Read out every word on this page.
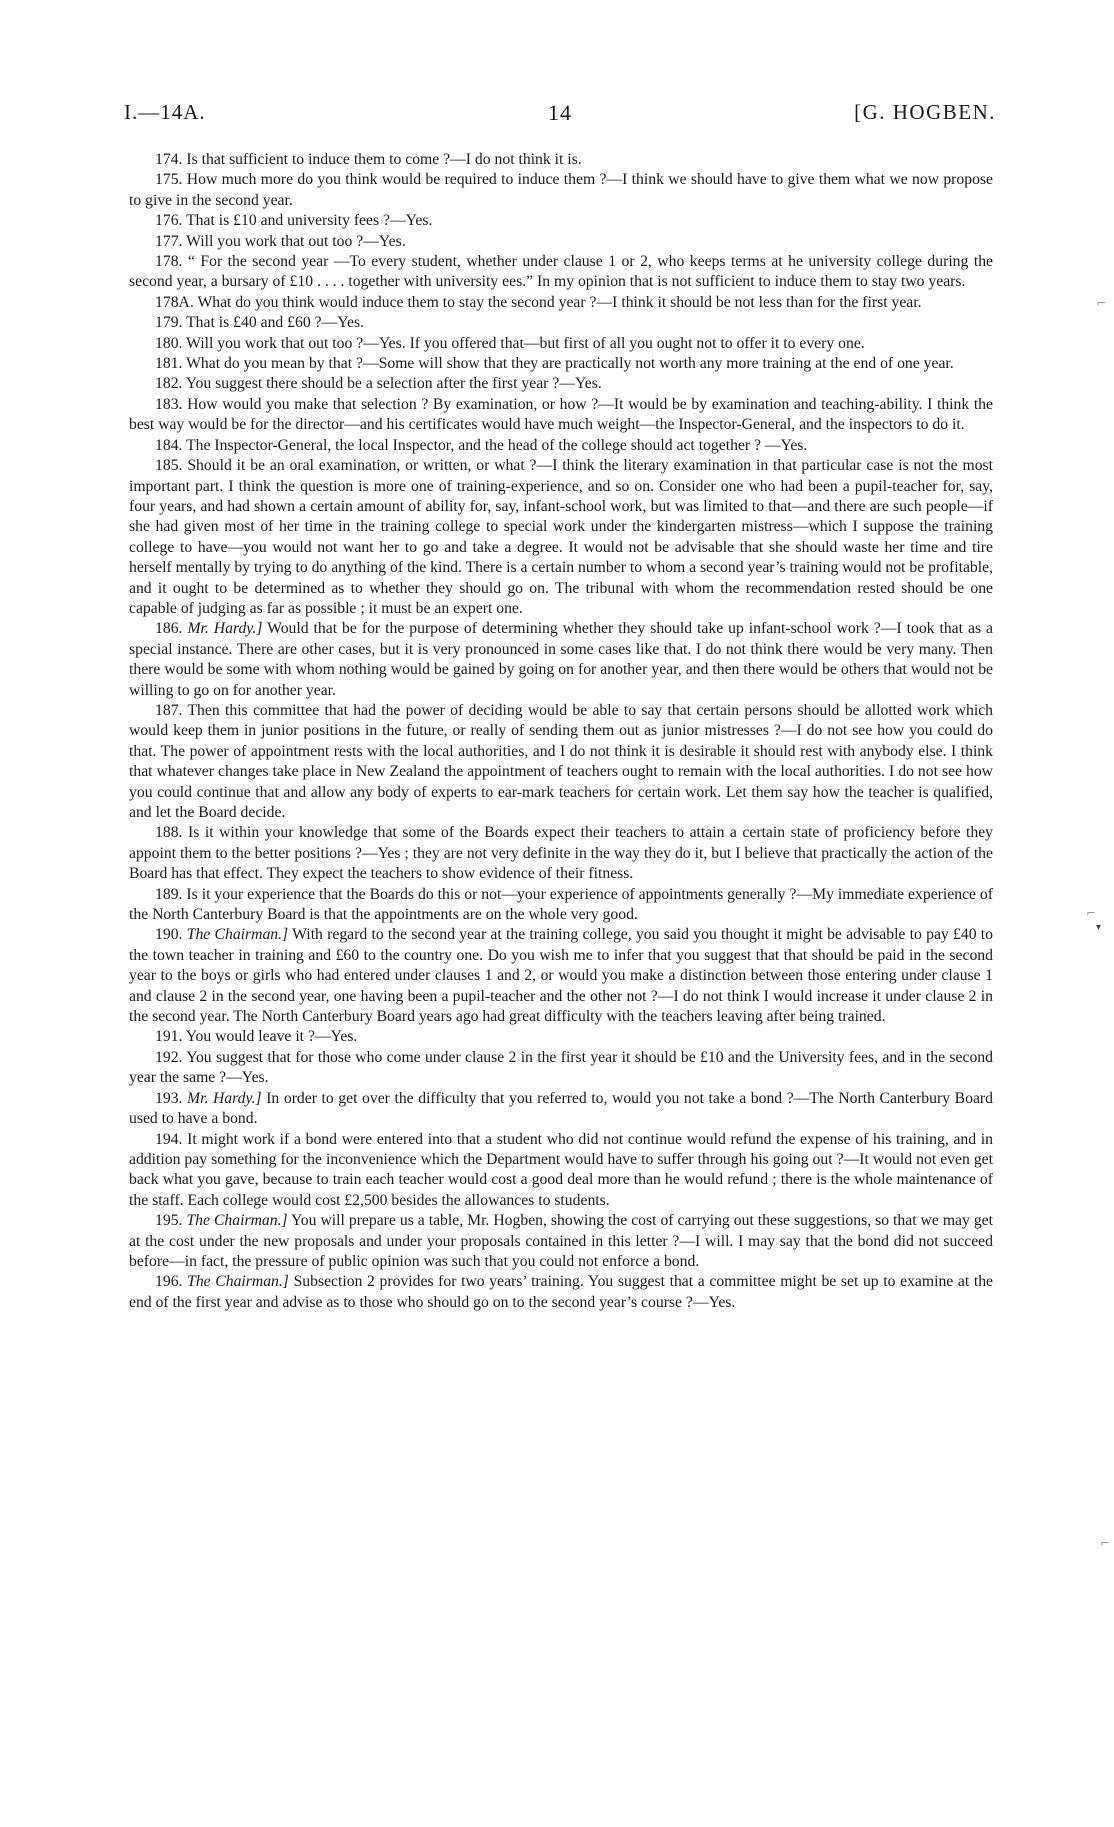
I.—14A.	14	[G. HOGBEN.

174. Is that sufficient to induce them to come ?—I do not think it is.

175. How much more do you think would be required to induce them ?—I think we should have to give them what we now propose to give in the second year.

176. That is £10 and university fees ?—Yes.

177. Will you work that out too ?—Yes.

178. “ For the second year —To every student, whether under clause 1 or 2, who keeps terms at he university college during the second year, a bursary of £10 . . . . together with university ees.” In my opinion that is not sufficient to induce them to stay two years.

178A. What do you think would induce them to stay the second year ?—I think it should be not less than for the first year.

179. That is £40 and £60 ?—Yes.

180. Will you work that out too ?—Yes. If you offered that—but first of all you ought not to offer it to every one.

181. What do you mean by that ?—Some will show that they are practically not worth any more training at the end of one year.

182. You suggest there should be a selection after the first year ?—Yes.

183. How would you make that selection ? By examination, or how ?—It would be by examination and teaching-ability. I think the best way would be for the director—and his certificates would have much weight—the Inspector-General, and the inspectors to do it.

184. The Inspector-General, the local Inspector, and the head of the college should act together ? —Yes.

185. Should it be an oral examination, or written, or what ?—I think the literary examination in that particular case is not the most important part. I think the question is more one of training-experience, and so on. Consider one who had been a pupil-teacher for, say, four years, and had shown a certain amount of ability for, say, infant-school work, but was limited to that—and there are such people—if she had given most of her time in the training college to special work under the kindergarten mistress—which I suppose the training college to have—you would not want her to go and take a degree. It would not be advisable that she should waste her time and tire herself mentally by trying to do anything of the kind. There is a certain number to whom a second year’s training would not be profitable, and it ought to be determined as to whether they should go on. The tribunal with whom the recommendation rested should be one capable of judging as far as possible ; it must be an expert one.

186. Mr. Hardy.] Would that be for the purpose of determining whether they should take up infant-school work ?—I took that as a special instance. There are other cases, but it is very pronounced in some cases like that. I do not think there would be very many. Then there would be some with whom nothing would be gained by going on for another year, and then there would be others that would not be willing to go on for another year.

187. Then this committee that had the power of deciding would be able to say that certain persons should be allotted work which would keep them in junior positions in the future, or really of sending them out as junior mistresses ?—I do not see how you could do that. The power of appointment rests with the local authorities, and I do not think it is desirable it should rest with anybody else. I think that whatever changes take place in New Zealand the appointment of teachers ought to remain with the local authorities. I do not see how you could continue that and allow any body of experts to ear-mark teachers for certain work. Let them say how the teacher is qualified, and let the Board decide.

188. Is it within your knowledge that some of the Boards expect their teachers to attain a certain state of proficiency before they appoint them to the better positions ?—Yes ; they are not very definite in the way they do it, but I believe that practically the action of the Board has that effect. They expect the teachers to show evidence of their fitness.

189. Is it your experience that the Boards do this or not—your experience of appointments generally ?—My immediate experience of the North Canterbury Board is that the appointments are on the whole very good.

190. The Chairman.] With regard to the second year at the training college, you said you thought it might be advisable to pay £40 to the town teacher in training and £60 to the country one. Do you wish me to infer that you suggest that that should be paid in the second year to the boys or girls who had entered under clauses 1 and 2, or would you make a distinction between those entering under clause 1 and clause 2 in the second year, one having been a pupil-teacher and the other not ?—I do not think I would increase it under clause 2 in the second year. The North Canterbury Board years ago had great difficulty with the teachers leaving after being trained.

191. You would leave it ?—Yes.

192. You suggest that for those who come under clause 2 in the first year it should be £10 and the University fees, and in the second year the same ?—Yes.

193. Mr. Hardy.] In order to get over the difficulty that you referred to, would you not take a bond ?—The North Canterbury Board used to have a bond.

194. It might work if a bond were entered into that a student who did not continue would refund the expense of his training, and in addition pay something for the inconvenience which the Department would have to suffer through his going out ?—It would not even get back what you gave, because to train each teacher would cost a good deal more than he would refund ; there is the whole maintenance of the staff. Each college would cost £2,500 besides the allowances to students.

195. The Chairman.] You will prepare us a table, Mr. Hogben, showing the cost of carrying out these suggestions, so that we may get at the cost under the new proposals and under your proposals contained in this letter ?—I will. I may say that the bond did not succeed before—in fact, the pressure of public opinion was such that you could not enforce a bond.

196. The Chairman.] Subsection 2 provides for two years’ training. You suggest that a committee might be set up to examine at the end of the first year and advise as to those who should go on to the second year’s course ?—Yes.

⌐
⌐
▾
⌐
